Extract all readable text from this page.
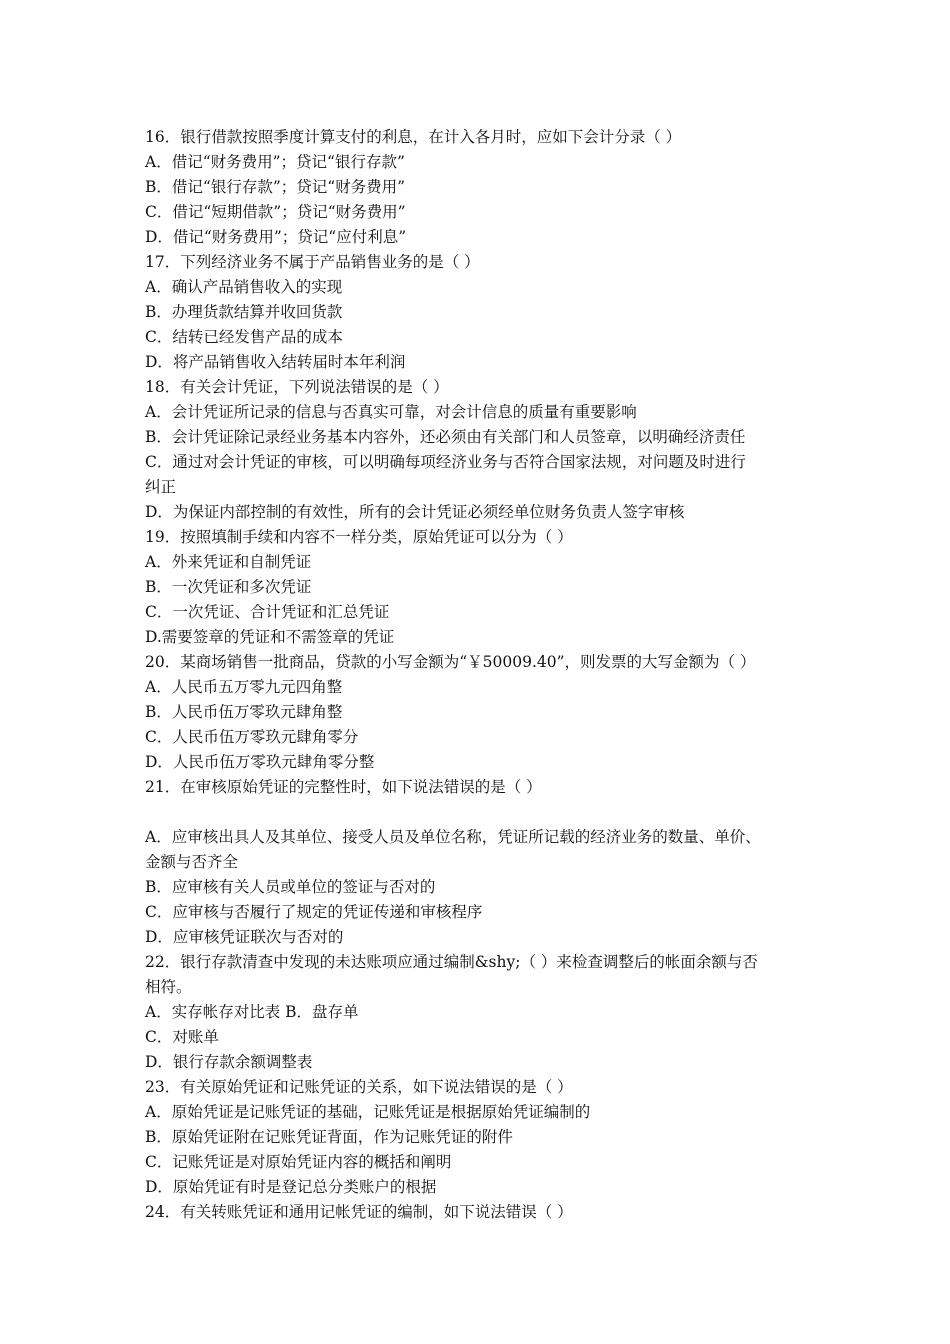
16．银行借款按照季度计算支付的利息，在计入各月时，应如下会计分录（ ）
A．借记“财务费用”；贷记“银行存款”
B．借记“银行存款”；贷记“财务费用”
C．借记“短期借款”；贷记“财务费用”
D．借记“财务费用”；贷记“应付利息”
17．下列经济业务不属于产品销售业务的是（ ）
A．确认产品销售收入的实现
B．办理货款结算并收回货款
C．结转已经发售产品的成本
D．将产品销售收入结转届时本年利润
18．有关会计凭证，下列说法错误的是（ ）
A．会计凭证所记录的信息与否真实可靠，对会计信息的质量有重要影响
B．会计凭证除记录经业务基本内容外，还必须由有关部门和人员签章，以明确经济责任
C．通过对会计凭证的审核，可以明确每项经济业务与否符合国家法规，对问题及时进行
纠正
D．为保证内部控制的有效性，所有的会计凭证必须经单位财务负责人签字审核
19．按照填制手续和内容不一样分类，原始凭证可以分为（ ）
A．外来凭证和自制凭证
B．一次凭证和多次凭证
C．一次凭证、合计凭证和汇总凭证
D.需要签章的凭证和不需签章的凭证
20．某商场销售一批商品，贷款的小写金额为“￥50009.40”，则发票的大写金额为（ ）
A．人民币五万零九元四角整
B．人民币伍万零玖元肆角整
C．人民币伍万零玖元肆角零分
D．人民币伍万零玖元肆角零分整
21．在审核原始凭证的完整性时，如下说法错误的是（ ）
A．应审核出具人及其单位、接受人员及单位名称，凭证所记载的经济业务的数量、单价、
金额与否齐全
B．应审核有关人员或单位的签证与否对的
C．应审核与否履行了规定的凭证传递和审核程序
D．应审核凭证联次与否对的
22．银行存款清查中发现的未达账项应通过编制&shy;（ ）来检查调整后的帐面余额与否
相符。
A．实存帐存对比表 B．盘存单
C．对账单
D．银行存款余额调整表
23．有关原始凭证和记账凭证的关系，如下说法错误的是（ ）
A．原始凭证是记账凭证的基础，记账凭证是根据原始凭证编制的
B．原始凭证附在记账凭证背面，作为记账凭证的附件
C．记账凭证是对原始凭证内容的概括和阐明
D．原始凭证有时是登记总分类账户的根据
24．有关转账凭证和通用记帐凭证的编制，如下说法错误（ ）
